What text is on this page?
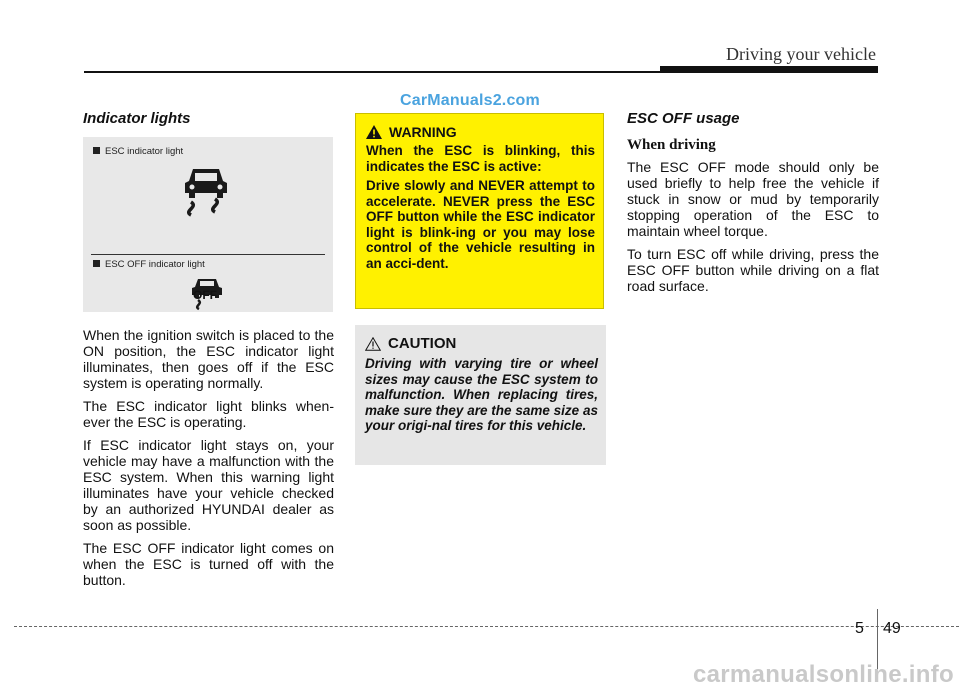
Driving your vehicle
CarManuals2.com
Indicator lights
ESC indicator light
ESC OFF indicator light
OFF

When the ignition switch is placed to the ON position, the ESC indicator light illuminates, then goes off if the ESC system is operating normally.

The ESC indicator light blinks when-ever the ESC is operating.

If ESC indicator light stays on, your vehicle may have a malfunction with the ESC system. When this warning light illuminates have your vehicle checked by an authorized HYUNDAI dealer as soon as possible.

The ESC OFF indicator light comes on when the ESC is turned off with the button.

WARNING

When the ESC is blinking, this indicates the ESC is active:

Drive slowly and NEVER attempt to accelerate. NEVER press the ESC OFF button while the ESC indicator light is blink-ing or you may lose control of the vehicle resulting in an acci-dent.

CAUTION

Driving with varying tire or wheel sizes may cause the ESC system to malfunction. When replacing tires, make sure they are the same size as your origi-nal tires for this vehicle.

ESC OFF usage
When driving

The ESC OFF mode should only be used briefly to help free the vehicle if stuck in snow or mud by temporarily stopping operation of the ESC to maintain wheel torque.

To turn ESC off while driving, press the ESC OFF button while driving on a flat road surface.

5 49
carmanualsonline.info
